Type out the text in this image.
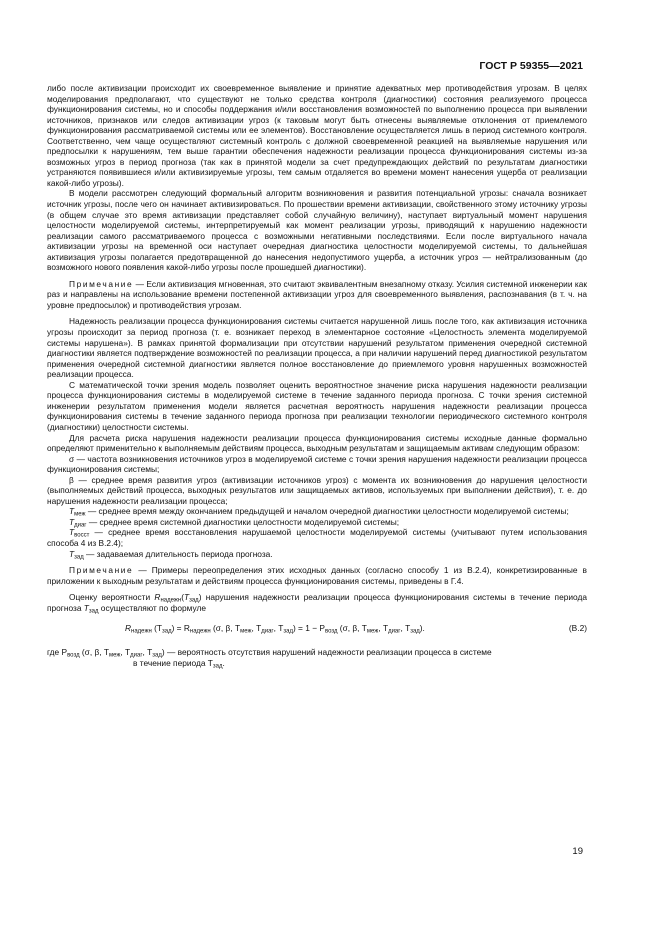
ГОСТ Р 59355—2021

либо после активизации происходит их своевременное выявление и принятие адекватных мер противодействия угрозам. В целях моделирования предполагают, что существуют не только средства контроля (диагностики) состояния реализуемого процесса функционирования системы, но и способы поддержания и/или восстановления возможностей по выполнению процесса при выявлении источников, признаков или следов активизации угроз (к таковым могут быть отнесены выявляемые отклонения от приемлемого функционирования рассматриваемой системы или ее элементов). Восстановление осуществляется лишь в период системного контроля. Соответственно, чем чаще осуществляют системный контроль с должной своевременной реакцией на выявляемые нарушения или предпосылки к нарушениям, тем выше гарантии обеспечения надежности реализации процесса функционирования системы из-за возможных угроз в период прогноза (так как в принятой модели за счет предупреждающих действий по результатам диагностики устраняются появившиеся и/или активизируемые угрозы, тем самым отдаляется во времени момент нанесения ущерба от реализации какой-либо угрозы).

В модели рассмотрен следующий формальный алгоритм возникновения и развития потенциальной угрозы: сначала возникает источник угрозы, после чего он начинает активизироваться. По прошествии времени активизации, свойственного этому источнику угрозы (в общем случае это время активизации представляет собой случайную величину), наступает виртуальный момент нарушения целостности моделируемой системы, интерпретируемый как момент реализации угрозы, приводящий к нарушению надежности реализации самого рассматриваемого процесса с возможными негативными последствиями. Если после виртуального начала активизации угрозы на временной оси наступает очередная диагностика целостности моделируемой системы, то дальнейшая активизация угрозы полагается предотвращенной до нанесения недопустимого ущерба, а источник угроз — нейтрализованным (до возможного нового появления какой-либо угрозы после прошедшей диагностики).

Примечание — Если активизация мгновенная, это считают эквивалентным внезапному отказу. Усилия системной инженерии как раз и направлены на использование времени постепенной активизации угроз для своевременного выявления, распознавания (в т. ч. на уровне предпосылок) и противодействия угрозам.

Надежность реализации процесса функционирования системы считается нарушенной лишь после того, как активизация источника угрозы происходит за период прогноза (т. е. возникает переход в элементарное состояние «Целостность элемента моделируемой системы нарушена»). В рамках принятой формализации при отсутствии нарушений результатом применения очередной системной диагностики является подтверждение возможностей по реализации процесса, а при наличии нарушений перед диагностикой результатом применения очередной системной диагностики является полное восстановление до приемлемого уровня нарушенных возможностей реализации процесса.

С математической точки зрения модель позволяет оценить вероятностное значение риска нарушения надежности реализации процесса функционирования системы в моделируемой системе в течение заданного периода прогноза. С точки зрения системной инженерии результатом применения модели является расчетная вероятность нарушения надежности реализации процесса функционирования системы в течение заданного периода прогноза при реализации технологии периодического системного контроля (диагностики) целостности системы.

Для расчета риска нарушения надежности реализации процесса функционирования системы исходные данные формально определяют применительно к выполняемым действиям процесса, выходным результатам и защищаемым активам следующим образом:

σ — частота возникновения источников угроз в моделируемой системе с точки зрения нарушения надежности реализации процесса функционирования системы;

β — среднее время развития угроз (активизации источников угроз) с момента их возникновения до нарушения целостности (выполняемых действий процесса, выходных результатов или защищаемых активов, используемых при выполнении действия), т. е. до нарушения надежности реализации процесса;

$T_{меж}$ — среднее время между окончанием предыдущей и началом очередной диагностики целостности моделируемой системы;

$T_{диаг}$ — среднее время системной диагностики целостности моделируемой системы;

$T_{восст}$ — среднее время восстановления нарушаемой целостности моделируемой системы (учитывают путем использования способа 4 из В.2.4);

$T_{зад}$ — задаваемая длительность периода прогноза.

Примечание — Примеры переопределения этих исходных данных (согласно способу 1 из В.2.4), конкретизированные в приложении к выходным результатам и действиям процесса функционирования системы, приведены в Г.4.

Оценку вероятности $R_{надежн}(T_{зад})$ нарушения надежности реализации процесса функционирования системы в течение периода прогноза $T_{зад}$ осуществляют по формуле

$R_{надежн}$ $(T_{зад}) = R_{надежн}$ (σ, β, $T_{меж}$, $T_{диаг}$, $T_{зад}) = 1 - P_{возд}$ (σ, β, $T_{меж}$, $T_{диаг}$, $T_{зад}$).	(В.2)

где $P_{возд}$ (σ, β, $T_{меж}$, $T_{диаг}$, $T_{зад}$) — вероятность отсутствия нарушений надежности реализации процесса в системе

в течение периода $T_{зад}$.

19
